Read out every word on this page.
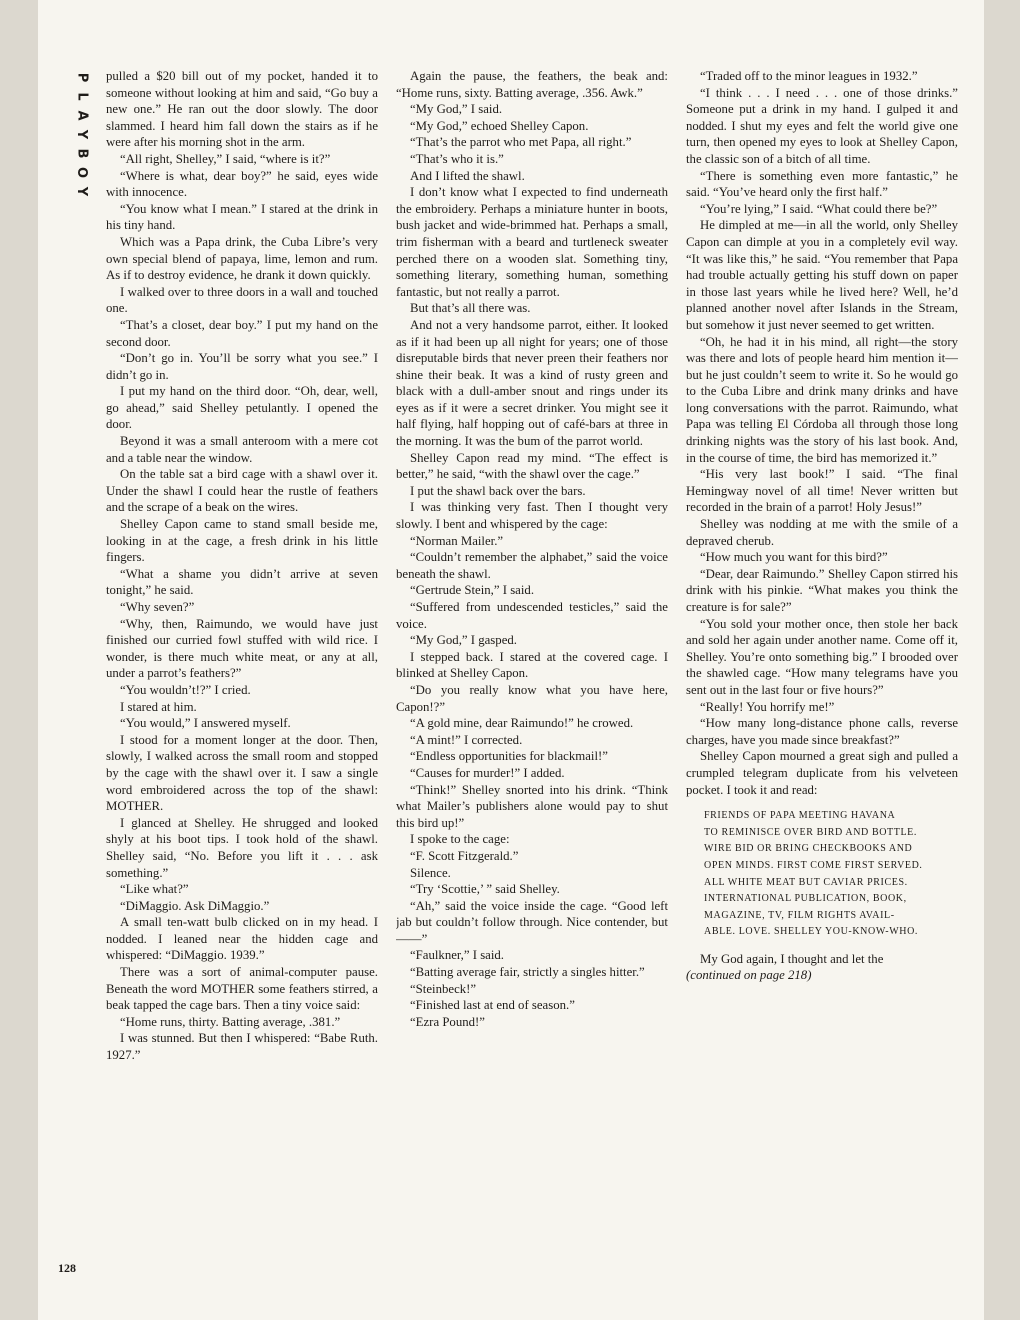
P
L
A
Y
B
O
Y
128

pulled a $20 bill out of my pocket, handed it to someone without looking at him and said, “Go buy a new one.” He ran out the door slowly. The door slammed. I heard him fall down the stairs as if he were after his morning shot in the arm.

“All right, Shelley,” I said, “where is it?”

“Where is what, dear boy?” he said, eyes wide with innocence.

“You know what I mean.” I stared at the drink in his tiny hand.

Which was a Papa drink, the Cuba Libre’s very own special blend of papaya, lime, lemon and rum. As if to destroy evidence, he drank it down quickly.

I walked over to three doors in a wall and touched one.

“That’s a closet, dear boy.” I put my hand on the second door.

“Don’t go in. You’ll be sorry what you see.” I didn’t go in.

I put my hand on the third door. “Oh, dear, well, go ahead,” said Shelley petulantly. I opened the door.

Beyond it was a small anteroom with a mere cot and a table near the window.

On the table sat a bird cage with a shawl over it. Under the shawl I could hear the rustle of feathers and the scrape of a beak on the wires.

Shelley Capon came to stand small beside me, looking in at the cage, a fresh drink in his little fingers.

“What a shame you didn’t arrive at seven tonight,” he said.

“Why seven?”

“Why, then, Raimundo, we would have just finished our curried fowl stuffed with wild rice. I wonder, is there much white meat, or any at all, under a parrot’s feathers?”

“You wouldn’t!?” I cried.

I stared at him.

“You would,” I answered myself.

I stood for a moment longer at the door. Then, slowly, I walked across the small room and stopped by the cage with the shawl over it. I saw a single word embroidered across the top of the shawl: MOTHER.

I glanced at Shelley. He shrugged and looked shyly at his boot tips. I took hold of the shawl. Shelley said, “No. Before you lift it . . . ask something.”

“Like what?”

“DiMaggio. Ask DiMaggio.”

A small ten-watt bulb clicked on in my head. I nodded. I leaned near the hidden cage and whispered: “DiMaggio. 1939.”

There was a sort of animal-computer pause. Beneath the word MOTHER some feathers stirred, a beak tapped the cage bars. Then a tiny voice said:

“Home runs, thirty. Batting average, .381.”

I was stunned. But then I whispered: “Babe Ruth. 1927.”

Again the pause, the feathers, the beak and: “Home runs, sixty. Batting average, .356. Awk.”

“My God,” I said.

“My God,” echoed Shelley Capon.

“That’s the parrot who met Papa, all right.”

“That’s who it is.”

And I lifted the shawl.

I don’t know what I expected to find underneath the embroidery. Perhaps a miniature hunter in boots, bush jacket and wide-brimmed hat. Perhaps a small, trim fisherman with a beard and turtleneck sweater perched there on a wooden slat. Something tiny, something literary, something human, something fantastic, but not really a parrot.

But that’s all there was.

And not a very handsome parrot, either. It looked as if it had been up all night for years; one of those disreputable birds that never preen their feathers nor shine their beak. It was a kind of rusty green and black with a dull-amber snout and rings under its eyes as if it were a secret drinker. You might see it half flying, half hopping out of café-bars at three in the morning. It was the bum of the parrot world.

Shelley Capon read my mind. “The effect is better,” he said, “with the shawl over the cage.”

I put the shawl back over the bars.

I was thinking very fast. Then I thought very slowly. I bent and whispered by the cage:

“Norman Mailer.”

“Couldn’t remember the alphabet,” said the voice beneath the shawl.

“Gertrude Stein,” I said.

“Suffered from undescended testicles,” said the voice.

“My God,” I gasped.

I stepped back. I stared at the covered cage. I blinked at Shelley Capon.

“Do you really know what you have here, Capon!?”

“A gold mine, dear Raimundo!” he crowed.

“A mint!” I corrected.

“Endless opportunities for blackmail!”

“Causes for murder!” I added.

“Think!” Shelley snorted into his drink. “Think what Mailer’s publishers alone would pay to shut this bird up!”

I spoke to the cage:

“F. Scott Fitzgerald.”

Silence.

“Try ‘Scottie,’ ” said Shelley.

“Ah,” said the voice inside the cage. “Good left jab but couldn’t follow through. Nice contender, but——”

“Faulkner,” I said.

“Batting average fair, strictly a singles hitter.”

“Steinbeck!”

“Finished last at end of season.”

“Ezra Pound!”

“Traded off to the minor leagues in 1932.”

“I think . . . I need . . . one of those drinks.” Someone put a drink in my hand. I gulped it and nodded. I shut my eyes and felt the world give one turn, then opened my eyes to look at Shelley Capon, the classic son of a bitch of all time.

“There is something even more fantastic,” he said. “You’ve heard only the first half.”

“You’re lying,” I said. “What could there be?”

He dimpled at me—in all the world, only Shelley Capon can dimple at you in a completely evil way. “It was like this,” he said. “You remember that Papa had trouble actually getting his stuff down on paper in those last years while he lived here? Well, he’d planned another novel after Islands in the Stream, but somehow it just never seemed to get written.

“Oh, he had it in his mind, all right—the story was there and lots of people heard him mention it—but he just couldn’t seem to write it. So he would go to the Cuba Libre and drink many drinks and have long conversations with the parrot. Raimundo, what Papa was telling El Córdoba all through those long drinking nights was the story of his last book. And, in the course of time, the bird has memorized it.”

“His very last book!” I said. “The final Hemingway novel of all time! Never written but recorded in the brain of a parrot! Holy Jesus!”

Shelley was nodding at me with the smile of a depraved cherub.

“How much you want for this bird?”

“Dear, dear Raimundo.” Shelley Capon stirred his drink with his pinkie. “What makes you think the creature is for sale?”

“You sold your mother once, then stole her back and sold her again under another name. Come off it, Shelley. You’re onto something big.” I brooded over the shawled cage. “How many telegrams have you sent out in the last four or five hours?”

“Really! You horrify me!”

“How many long-distance phone calls, reverse charges, have you made since breakfast?”

Shelley Capon mourned a great sigh and pulled a crumpled telegram duplicate from his velveteen pocket. I took it and read:

FRIENDS OF PAPA MEETING HAVANA
TO REMINISCE OVER BIRD AND BOTTLE.
WIRE BID OR BRING CHECKBOOKS AND
OPEN MINDS. FIRST COME FIRST SERVED.
ALL WHITE MEAT BUT CAVIAR PRICES.
INTERNATIONAL PUBLICATION, BOOK,
MAGAZINE, TV, FILM RIGHTS AVAIL-
ABLE. LOVE. SHELLEY YOU-KNOW-WHO.

My God again, I thought and let the

(continued on page 218)
